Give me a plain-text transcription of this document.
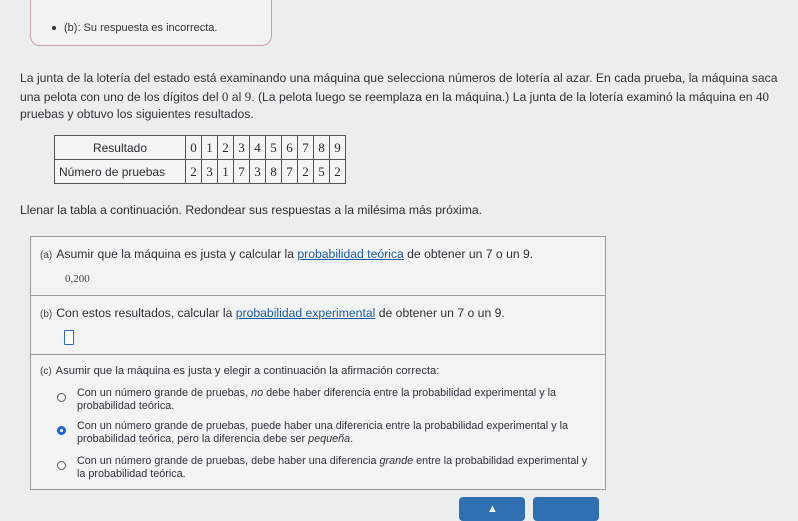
(b): Su respuesta es incorrecta.
La junta de la lotería del estado está examinando una máquina que selecciona números de lotería al azar. En cada prueba, la máquina saca una pelota con uno de los dígitos del 0 al 9. (La pelota luego se reemplaza en la máquina.) La junta de la lotería examinó la máquina en 40 pruebas y obtuvo los siguientes resultados.
Resultado	0	1	2	3	4	5	6	7	8	9
Número de pruebas	2	3	1	7	3	8	7	2	5	2
Llenar la tabla a continuación. Redondear sus respuestas a la milésima más próxima.
(a) Asumir que la máquina es justa y calcular la probabilidad teórica de obtener un 7 o un 9.
0,200
(b) Con estos resultados, calcular la probabilidad experimental de obtener un 7 o un 9.
(c) Asumir que la máquina es justa y elegir a continuación la afirmación correcta:
Con un número grande de pruebas, no debe haber diferencia entre la probabilidad experimental y la probabilidad teórica.
Con un número grande de pruebas, puede haber una diferencia entre la probabilidad experimental y la probabilidad teórica, pero la diferencia debe ser pequeña.
Con un número grande de pruebas, debe haber una diferencia grande entre la probabilidad experimental y la probabilidad teórica.
▲
